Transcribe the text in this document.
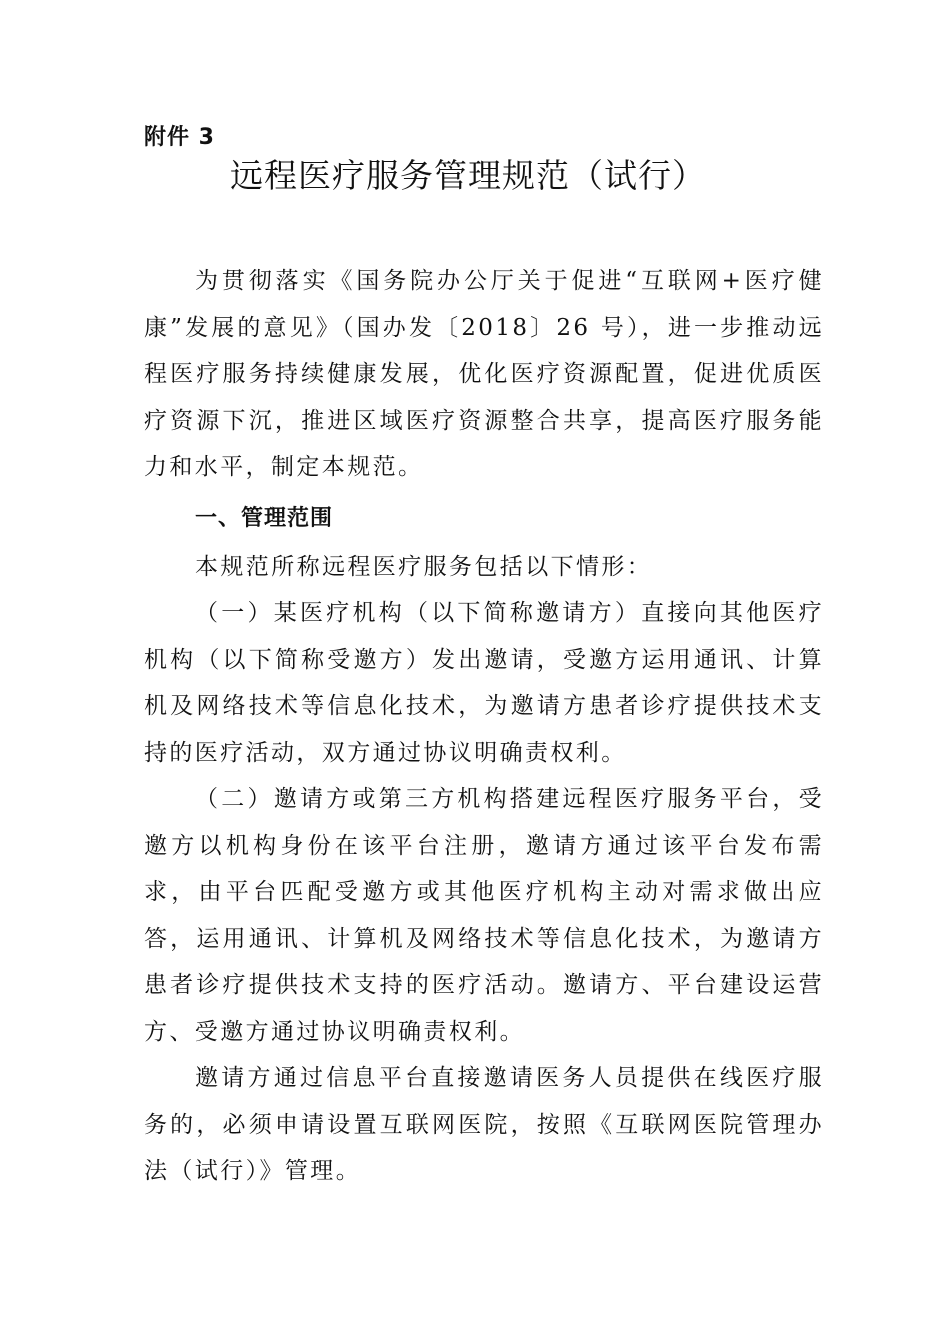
附件 3
远程医疗服务管理规范（试行）

为贯彻落实《国务院办公厅关于促进“互联网+医疗健康”发展的意见》（国办发〔2018〕26 号），进一步推动远程医疗服务持续健康发展，优化医疗资源配置，促进优质医疗资源下沉，推进区域医疗资源整合共享，提高医疗服务能力和水平，制定本规范。

一、管理范围

本规范所称远程医疗服务包括以下情形：

（一）某医疗机构（以下简称邀请方）直接向其他医疗机构（以下简称受邀方）发出邀请，受邀方运用通讯、计算机及网络技术等信息化技术，为邀请方患者诊疗提供技术支持的医疗活动，双方通过协议明确责权利。

（二）邀请方或第三方机构搭建远程医疗服务平台，受邀方以机构身份在该平台注册，邀请方通过该平台发布需求，由平台匹配受邀方或其他医疗机构主动对需求做出应答，运用通讯、计算机及网络技术等信息化技术，为邀请方患者诊疗提供技术支持的医疗活动。邀请方、平台建设运营方、受邀方通过协议明确责权利。

邀请方通过信息平台直接邀请医务人员提供在线医疗服务的，必须申请设置互联网医院，按照《互联网医院管理办法（试行）》管理。
